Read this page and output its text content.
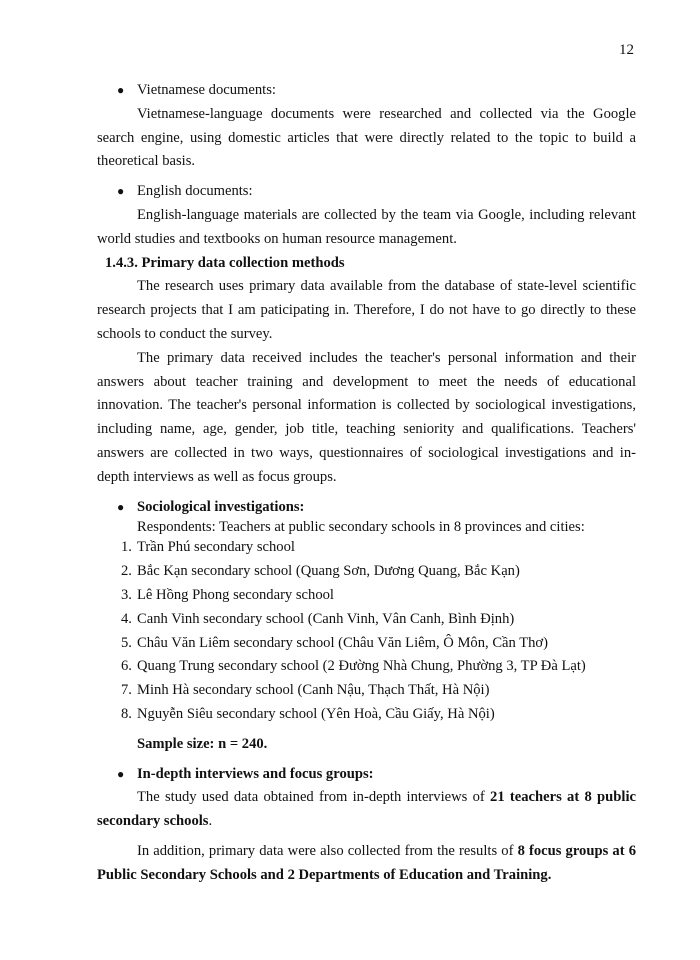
12
● Vietnamese documents:

Vietnamese-language documents were researched and collected via the Google search engine, using domestic articles that were directly related to the topic to build a theoretical basis.

● English documents:

English-language materials are collected by the team via Google, including relevant world studies and textbooks on human resource management.

1.4.3. Primary data collection methods

The research uses primary data available from the database of state-level scientific research projects that I am paticipating in. Therefore, I do not have to go directly to these schools to conduct the survey.

The primary data received includes the teacher's personal information and their answers about teacher training and development to meet the needs of educational innovation. The teacher's personal information is collected by sociological investigations, including name, age, gender, job title, teaching seniority and qualifications. Teachers' answers are collected in two ways, questionnaires of sociological investigations and in-depth interviews as well as focus groups.

● Sociological investigations:
Respondents: Teachers at public secondary schools in 8 provinces and cities:
1. Trần Phú secondary school
2. Bắc Kạn secondary school (Quang Sơn, Dương Quang, Bắc Kạn)
3. Lê Hồng Phong secondary school
4. Canh Vinh secondary school (Canh Vinh, Vân Canh, Bình Định)
5. Châu Văn Liêm secondary school (Châu Văn Liêm, Ô Môn, Cần Thơ)
6. Quang Trung secondary school (2 Đường Nhà Chung, Phường 3, TP Đà Lạt)
7. Minh Hà secondary school (Canh Nậu, Thạch Thất, Hà Nội)
8. Nguyễn Siêu secondary school (Yên Hoà, Cầu Giấy, Hà Nội)
Sample size: n = 240.
● In-depth interviews and focus groups:

The study used data obtained from in-depth interviews of 21 teachers at 8 public secondary schools.

In addition, primary data were also collected from the results of 8 focus groups at 6 Public Secondary Schools and 2 Departments of Education and Training.
